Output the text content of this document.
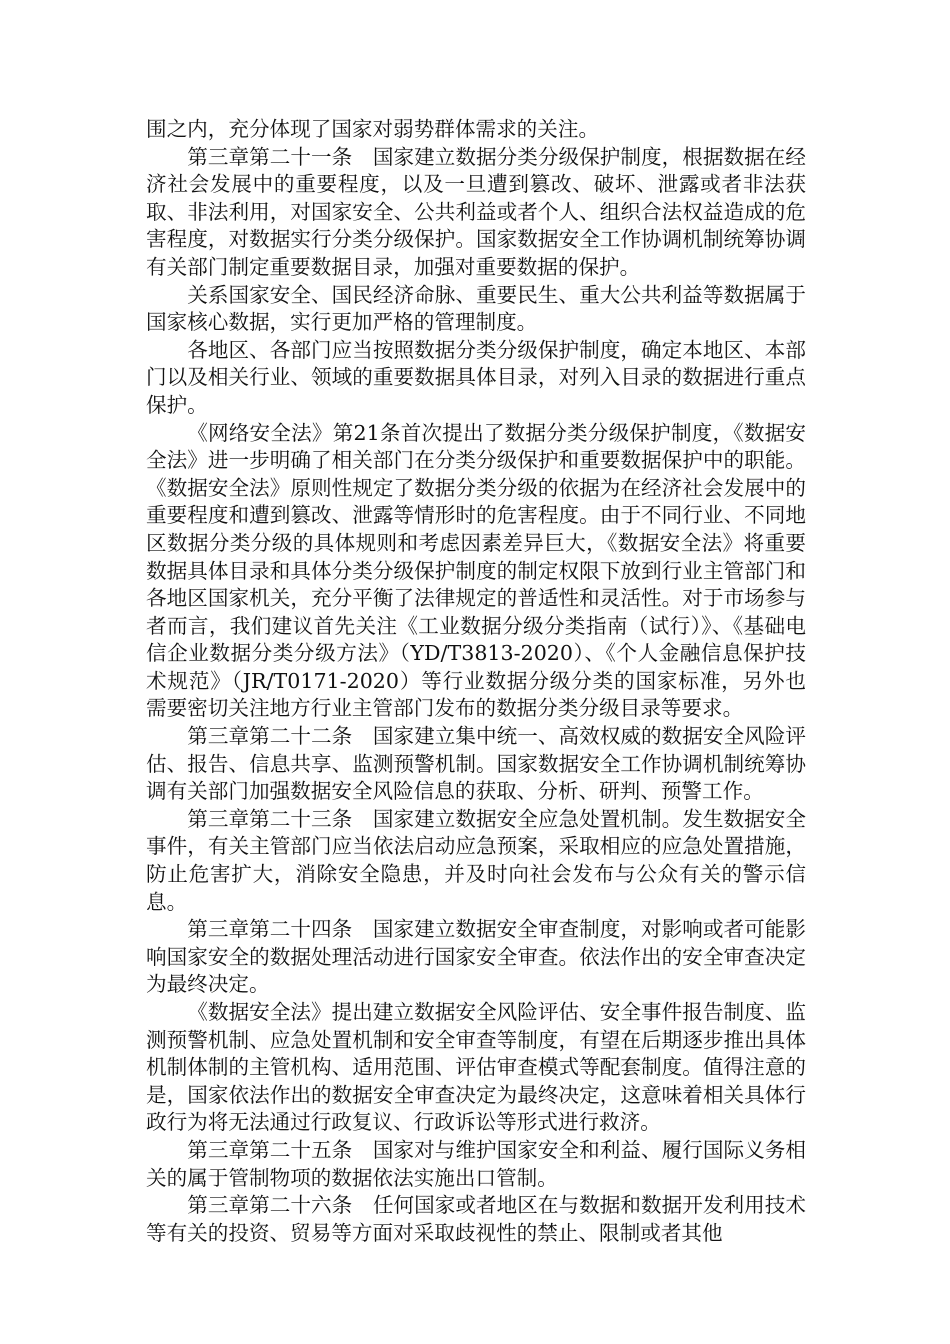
围之内，充分体现了国家对弱势群体需求的关注。

第三章第二十一条　国家建立数据分类分级保护制度，根据数据在经济社会发展中的重要程度，以及一旦遭到篡改、破坏、泄露或者非法获取、非法利用，对国家安全、公共利益或者个人、组织合法权益造成的危害程度，对数据实行分类分级保护。国家数据安全工作协调机制统筹协调有关部门制定重要数据目录，加强对重要数据的保护。

关系国家安全、国民经济命脉、重要民生、重大公共利益等数据属于国家核心数据，实行更加严格的管理制度。

各地区、各部门应当按照数据分类分级保护制度，确定本地区、本部门以及相关行业、领域的重要数据具体目录，对列入目录的数据进行重点保护。

《网络安全法》第21条首次提出了数据分类分级保护制度，《数据安全法》进一步明确了相关部门在分类分级保护和重要数据保护中的职能。《数据安全法》原则性规定了数据分类分级的依据为在经济社会发展中的重要程度和遭到篡改、泄露等情形时的危害程度。由于不同行业、不同地区数据分类分级的具体规则和考虑因素差异巨大，《数据安全法》将重要数据具体目录和具体分类分级保护制度的制定权限下放到行业主管部门和各地区国家机关，充分平衡了法律规定的普适性和灵活性。对于市场参与者而言，我们建议首先关注《工业数据分级分类指南（试行）》、《基础电信企业数据分类分级方法》（YD/T3813-2020）、《个人金融信息保护技术规范》（JR/T0171-2020）等行业数据分级分类的国家标准，另外也需要密切关注地方行业主管部门发布的数据分类分级目录等要求。

第三章第二十二条　国家建立集中统一、高效权威的数据安全风险评估、报告、信息共享、监测预警机制。国家数据安全工作协调机制统筹协调有关部门加强数据安全风险信息的获取、分析、研判、预警工作。

第三章第二十三条　国家建立数据安全应急处置机制。发生数据安全事件，有关主管部门应当依法启动应急预案，采取相应的应急处置措施，防止危害扩大，消除安全隐患，并及时向社会发布与公众有关的警示信息。

第三章第二十四条　国家建立数据安全审查制度，对影响或者可能影响国家安全的数据处理活动进行国家安全审查。依法作出的安全审查决定为最终决定。

《数据安全法》提出建立数据安全风险评估、安全事件报告制度、监测预警机制、应急处置机制和安全审查等制度，有望在后期逐步推出具体机制体制的主管机构、适用范围、评估审查模式等配套制度。值得注意的是，国家依法作出的数据安全审查决定为最终决定，这意味着相关具体行政行为将无法通过行政复议、行政诉讼等形式进行救济。

第三章第二十五条　国家对与维护国家安全和利益、履行国际义务相关的属于管制物项的数据依法实施出口管制。

第三章第二十六条　任何国家或者地区在与数据和数据开发利用技术等有关的投资、贸易等方面对采取歧视性的禁止、限制或者其他
